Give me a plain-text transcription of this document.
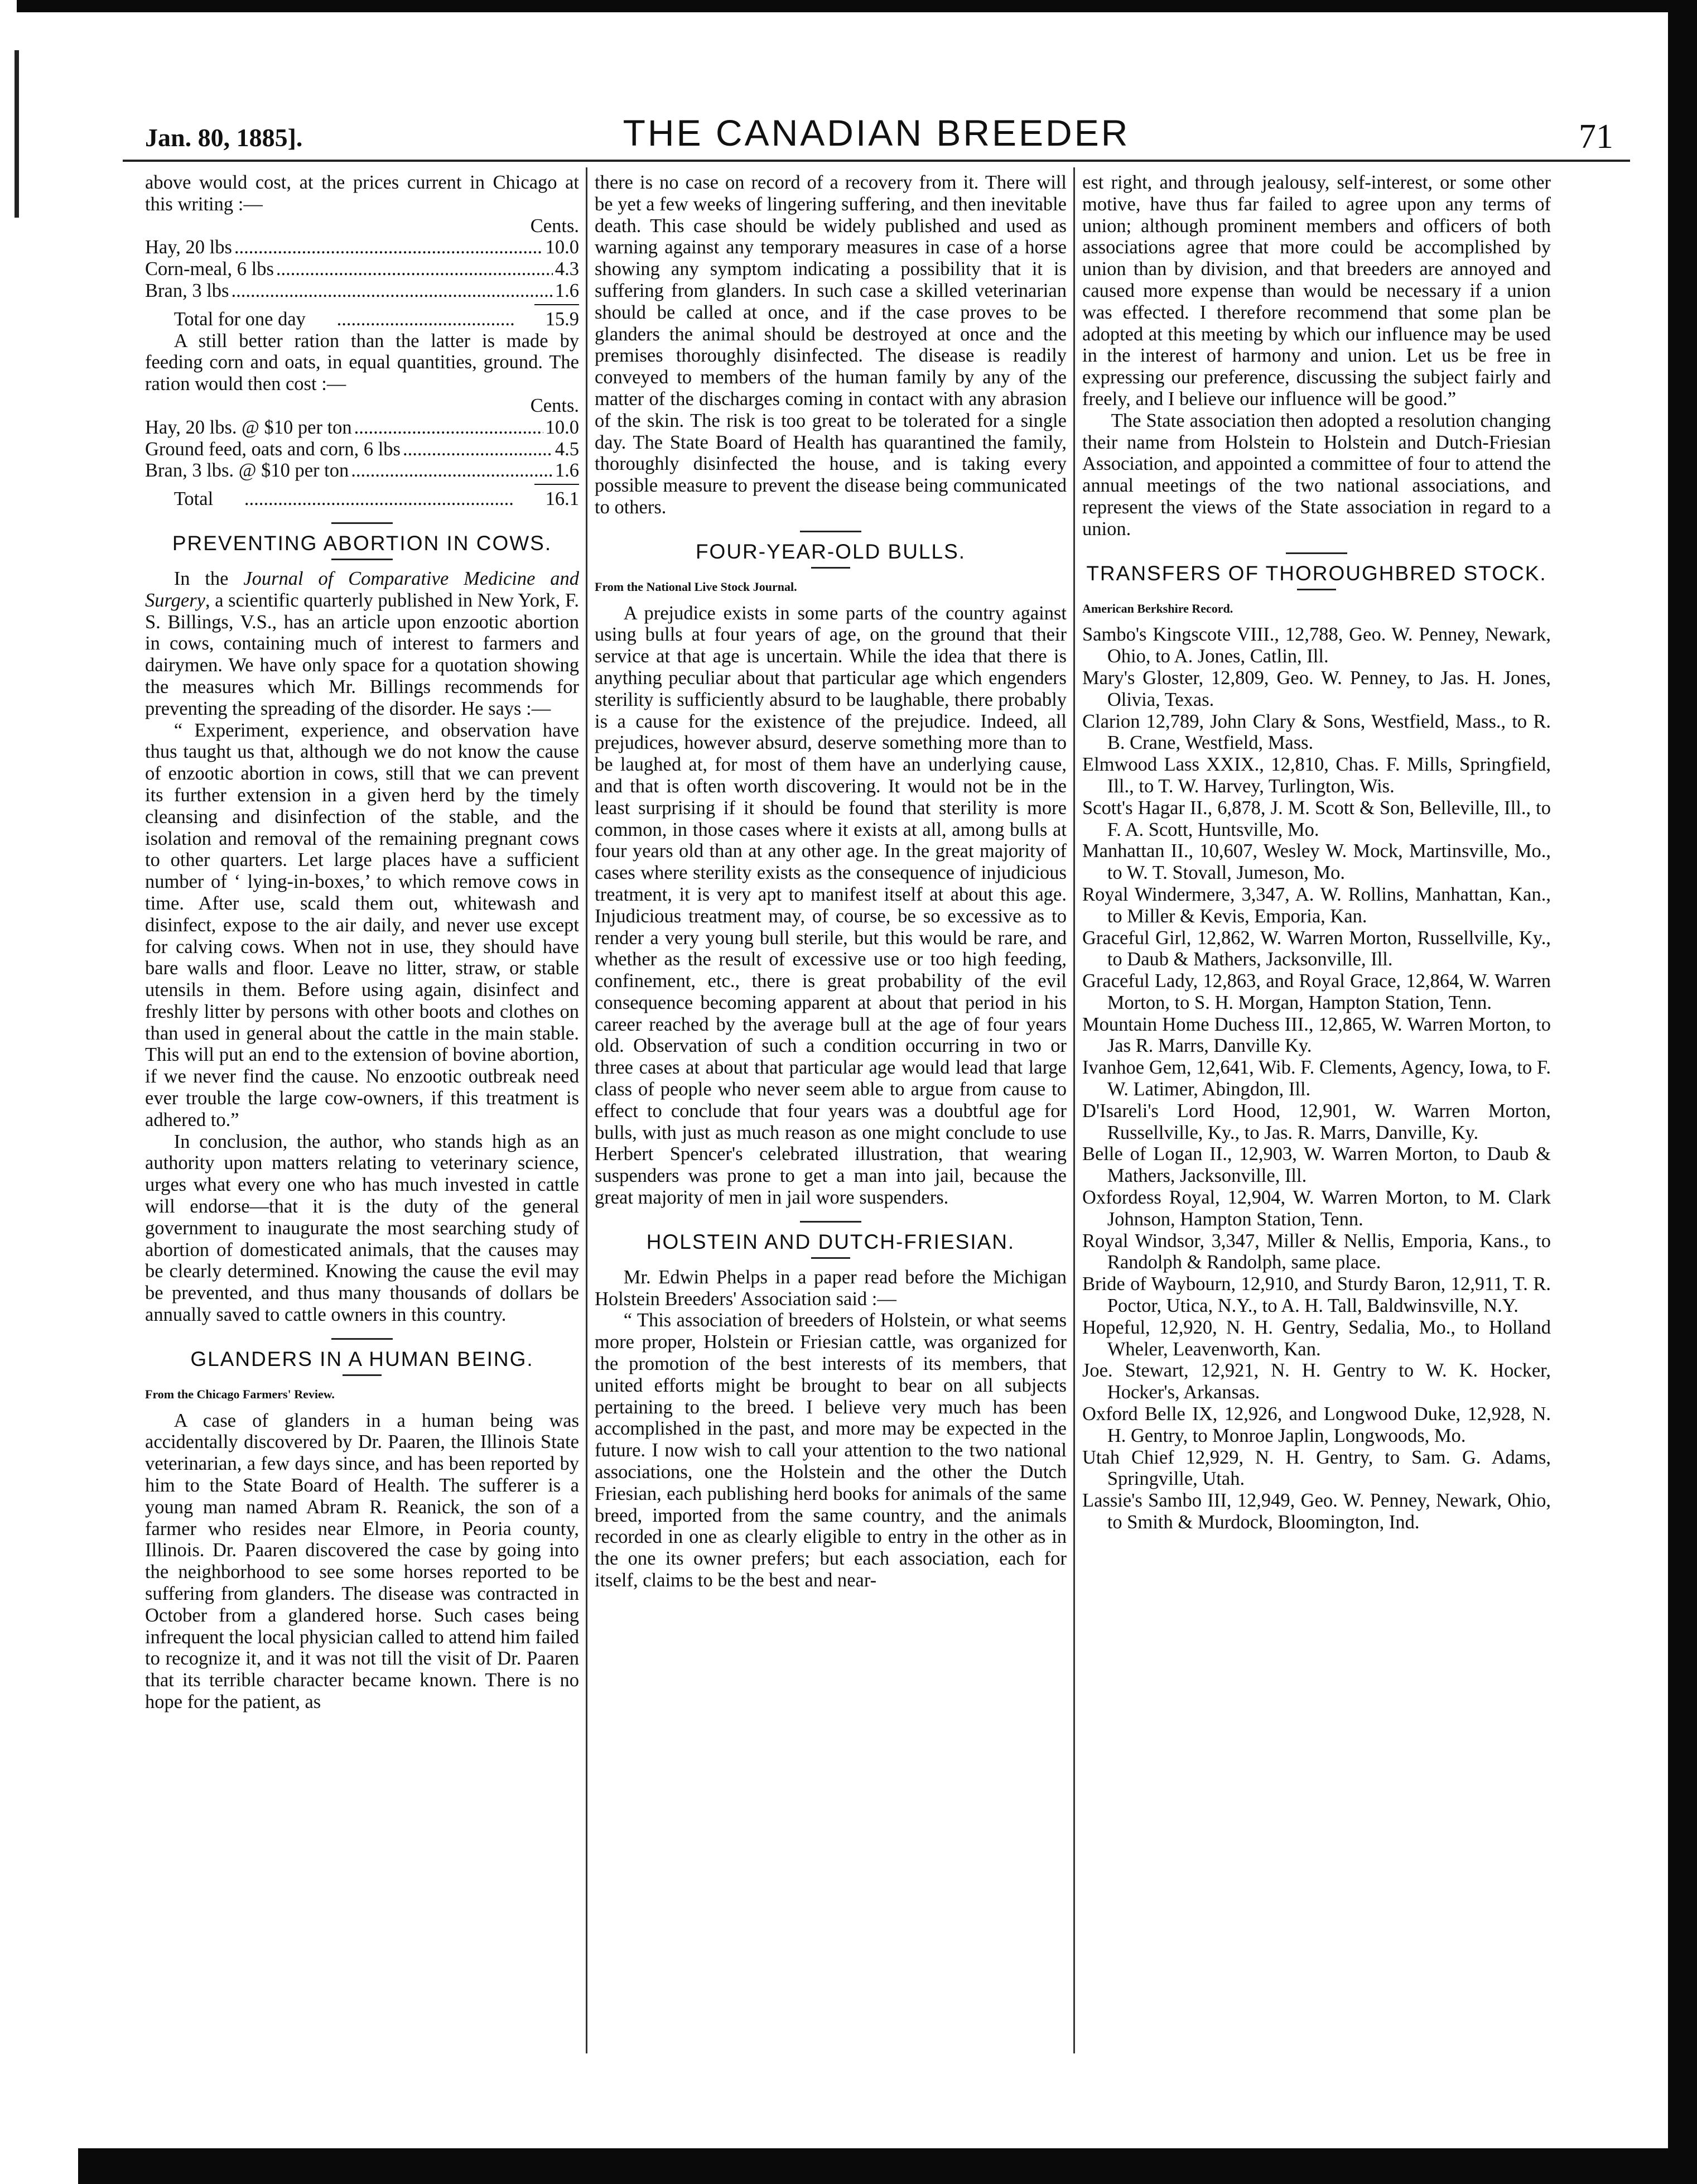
Jan. 80, 1885].	THE CANADIAN BREEDER	71

above would cost, at the prices current in Chicago at this writing :—

Cents.
Hay, 20 lbs .....	10.0
Corn-meal, 6 lbs .....	4.3
Bran, 3 lbs .....	1.6
Total for one day .....	15.9

A still better ration than the latter is made by feeding corn and oats, in equal quantities, ground. The ration would then cost :—

Cents.
Hay, 20 lbs. @ $10 per ton .....	10.0
Ground feed, oats and corn, 6 lbs .....	4.5
Bran, 3 lbs. @ $10 per ton .....	1.6
Total .....	16.1
PREVENTING ABORTION IN COWS.

In the Journal of Comparative Medicine and Surgery, a scientific quarterly published in New York, F. S. Billings, V.S., has an article upon enzootic abortion in cows, containing much of interest to farmers and dairymen. We have only space for a quotation showing the measures which Mr. Billings recommends for preventing the spreading of the disorder. He says :—

“ Experiment, experience, and observation have thus taught us that, although we do not know the cause of enzootic abortion in cows, still that we can prevent its further extension in a given herd by the timely cleansing and disinfection of the stable, and the isolation and removal of the remaining pregnant cows to other quarters. Let large places have a sufficient number of ‘ lying-in-boxes,’ to which remove cows in time. After use, scald them out, whitewash and disinfect, expose to the air daily, and never use except for calving cows. When not in use, they should have bare walls and floor. Leave no litter, straw, or stable utensils in them. Before using again, disinfect and freshly litter by persons with other boots and clothes on than used in general about the cattle in the main stable. This will put an end to the extension of bovine abortion, if we never find the cause. No enzootic outbreak need ever trouble the large cow-owners, if this treatment is adhered to.”

In conclusion, the author, who stands high as an authority upon matters relating to veterinary science, urges what every one who has much invested in cattle will endorse—that it is the duty of the general government to inaugurate the most searching study of abortion of domesticated animals, that the causes may be clearly determined. Knowing the cause the evil may be prevented, and thus many thousands of dollars be annually saved to cattle owners in this country.

GLANDERS IN A HUMAN BEING.

From the Chicago Farmers' Review.

A case of glanders in a human being was accidentally discovered by Dr. Paaren, the Illinois State veterinarian, a few days since, and has been reported by him to the State Board of Health. The sufferer is a young man named Abram R. Reanick, the son of a farmer who resides near Elmore, in Peoria county, Illinois. Dr. Paaren discovered the case by going into the neighborhood to see some horses reported to be suffering from glanders. The disease was contracted in October from a glandered horse. Such cases being infrequent the local physician called to attend him failed to recognize it, and it was not till the visit of Dr. Paaren that its terrible character became known. There is no hope for the patient, as

there is no case on record of a recovery from it. There will be yet a few weeks of lingering suffering, and then inevitable death. This case should be widely published and used as warning against any temporary measures in case of a horse showing any symptom indicating a possibility that it is suffering from glanders. In such case a skilled veterinarian should be called at once, and if the case proves to be glanders the animal should be destroyed at once and the premises thoroughly disinfected. The disease is readily conveyed to members of the human family by any of the matter of the discharges coming in contact with any abrasion of the skin. The risk is too great to be tolerated for a single day. The State Board of Health has quarantined the family, thoroughly disinfected the house, and is taking every possible measure to prevent the disease being communicated to others.

FOUR-YEAR-OLD BULLS.

From the National Live Stock Journal.

A prejudice exists in some parts of the country against using bulls at four years of age, on the ground that their service at that age is uncertain. While the idea that there is anything peculiar about that particular age which engenders sterility is sufficiently absurd to be laughable, there probably is a cause for the existence of the prejudice. Indeed, all prejudices, however absurd, deserve something more than to be laughed at, for most of them have an underlying cause, and that is often worth discovering. It would not be in the least surprising if it should be found that sterility is more common, in those cases where it exists at all, among bulls at four years old than at any other age. In the great majority of cases where sterility exists as the consequence of injudicious treatment, it is very apt to manifest itself at about this age. Injudicious treatment may, of course, be so excessive as to render a very young bull sterile, but this would be rare, and whether as the result of excessive use or too high feeding, confinement, etc., there is great probability of the evil consequence becoming apparent at about that period in his career reached by the average bull at the age of four years old. Observation of such a condition occurring in two or three cases at about that particular age would lead that large class of people who never seem able to argue from cause to effect to conclude that four years was a doubtful age for bulls, with just as much reason as one might conclude to use Herbert Spencer's celebrated illustration, that wearing suspenders was prone to get a man into jail, because the great majority of men in jail wore suspenders.

HOLSTEIN AND DUTCH-FRIESIAN.

Mr. Edwin Phelps in a paper read before the Michigan Holstein Breeders' Association said :—

“ This association of breeders of Holstein, or what seems more proper, Holstein or Friesian cattle, was organized for the promotion of the best interests of its members, that united efforts might be brought to bear on all subjects pertaining to the breed. I believe very much has been accomplished in the past, and more may be expected in the future. I now wish to call your attention to the two national associations, one the Holstein and the other the Dutch Friesian, each publishing herd books for animals of the same breed, imported from the same country, and the animals recorded in one as clearly eligible to entry in the other as in the one its owner prefers; but each association, each for itself, claims to be the best and near-

est right, and through jealousy, self-interest, or some other motive, have thus far failed to agree upon any terms of union; although prominent members and officers of both associations agree that more could be accomplished by union than by division, and that breeders are annoyed and caused more expense than would be necessary if a union was effected. I therefore recommend that some plan be adopted at this meeting by which our influence may be used in the interest of harmony and union. Let us be free in expressing our preference, discussing the subject fairly and freely, and I believe our influence will be good.”

The State association then adopted a resolution changing their name from Holstein to Holstein and Dutch-Friesian Association, and appointed a committee of four to attend the annual meetings of the two national associations, and represent the views of the State association in regard to a union.

TRANSFERS OF THOROUGHBRED STOCK.

American Berkshire Record.

Sambo's Kingscote VIII., 12,788, Geo. W. Penney, Newark, Ohio, to A. Jones, Catlin, Ill.

Mary's Gloster, 12,809, Geo. W. Penney, to Jas. H. Jones, Olivia, Texas.

Clarion 12,789, John Clary & Sons, Westfield, Mass., to R. B. Crane, Westfield, Mass.

Elmwood Lass XXIX., 12,810, Chas. F. Mills, Springfield, Ill., to T. W. Harvey, Turlington, Wis.

Scott's Hagar II., 6,878, J. M. Scott & Son, Belleville, Ill., to F. A. Scott, Huntsville, Mo.

Manhattan II., 10,607, Wesley W. Mock, Martinsville, Mo., to W. T. Stovall, Jumeson, Mo.

Royal Windermere, 3,347, A. W. Rollins, Manhattan, Kan., to Miller & Kevis, Emporia, Kan.

Graceful Girl, 12,862, W. Warren Morton, Russellville, Ky., to Daub & Mathers, Jacksonville, Ill.

Graceful Lady, 12,863, and Royal Grace, 12,864, W. Warren Morton, to S. H. Morgan, Hampton Station, Tenn.

Mountain Home Duchess III., 12,865, W. Warren Morton, to Jas R. Marrs, Danville Ky.

Ivanhoe Gem, 12,641, Wib. F. Clements, Agency, Iowa, to F. W. Latimer, Abingdon, Ill.

D'Isareli's Lord Hood, 12,901, W. Warren Morton, Russellville, Ky., to Jas. R. Marrs, Danville, Ky.

Belle of Logan II., 12,903, W. Warren Morton, to Daub & Mathers, Jacksonville, Ill.

Oxfordess Royal, 12,904, W. Warren Morton, to M. Clark Johnson, Hampton Station, Tenn.

Royal Windsor, 3,347, Miller & Nellis, Emporia, Kans., to Randolph & Randolph, same place.

Bride of Waybourn, 12,910, and Sturdy Baron, 12,911, T. R. Poctor, Utica, N.Y., to A. H. Tall, Baldwinsville, N.Y.

Hopeful, 12,920, N. H. Gentry, Sedalia, Mo., to Holland Wheler, Leavenworth, Kan.

Joe. Stewart, 12,921, N. H. Gentry to W. K. Hocker, Hocker's, Arkansas.

Oxford Belle IX, 12,926, and Longwood Duke, 12,928, N. H. Gentry, to Monroe Japlin, Longwoods, Mo.

Utah Chief 12,929, N. H. Gentry, to Sam. G. Adams, Springville, Utah.

Lassie's Sambo III, 12,949, Geo. W. Penney, Newark, Ohio, to Smith & Murdock, Bloomington, Ind.
